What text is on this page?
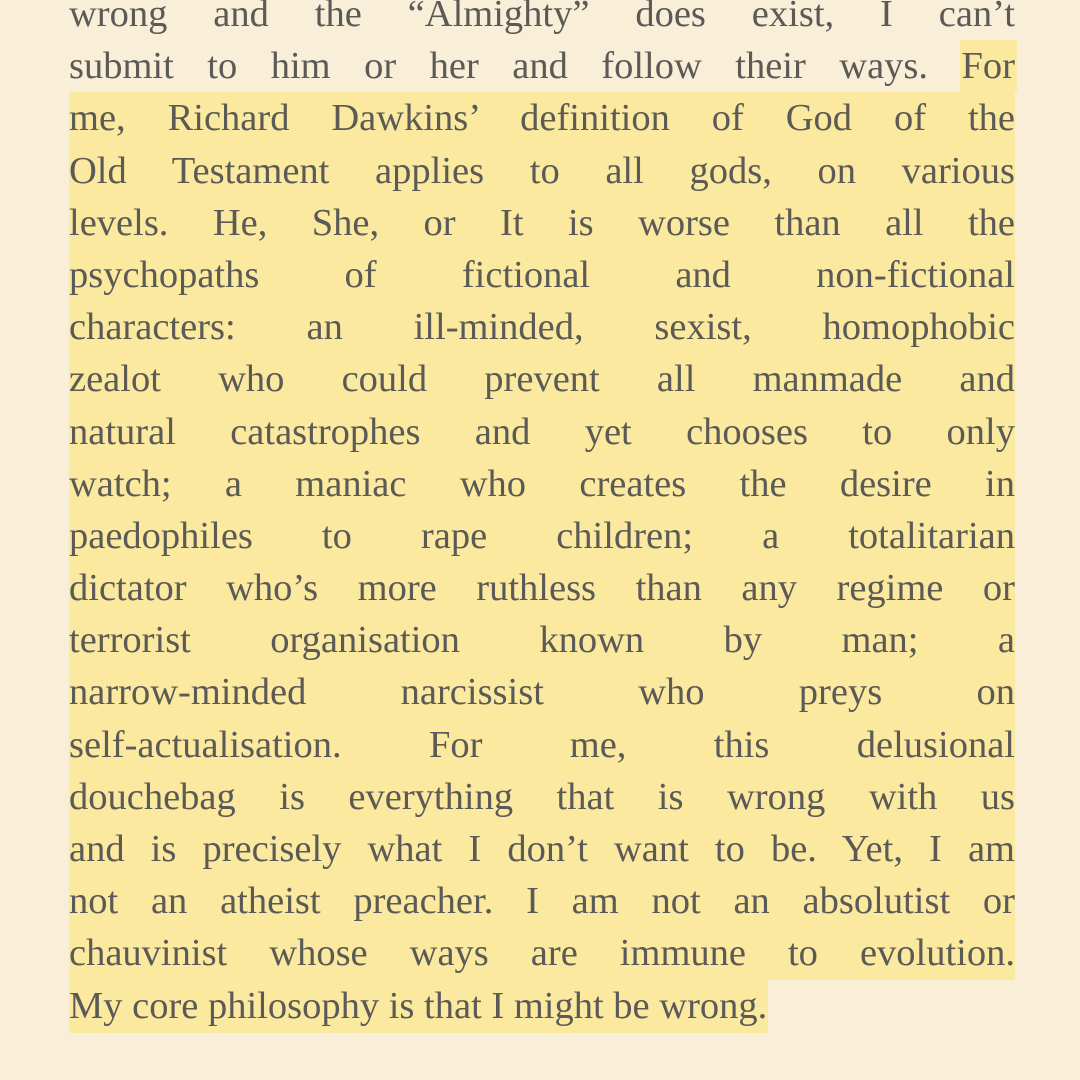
wrong and the “Almighty” does exist, I can’t
submit to him or her and follow their ways. For
me, Richard Dawkins’ definition of God of the
Old Testament applies to all gods, on various
levels. He, She, or It is worse than all the
psychopaths of fictional and non-fictional
characters: an ill-minded, sexist, homophobic
zealot who could prevent all manmade and
natural catastrophes and yet chooses to only
watch; a maniac who creates the desire in
paedophiles to rape children; a totalitarian
dictator who’s more ruthless than any regime or
terrorist organisation known by man; a
narrow-minded narcissist who preys on
self-actualisation. For me, this delusional
douchebag is everything that is wrong with us
and is precisely what I don’t want to be. Yet, I am
not an atheist preacher. I am not an absolutist or
chauvinist whose ways are immune to evolution.
My core philosophy is that I might be wrong.
